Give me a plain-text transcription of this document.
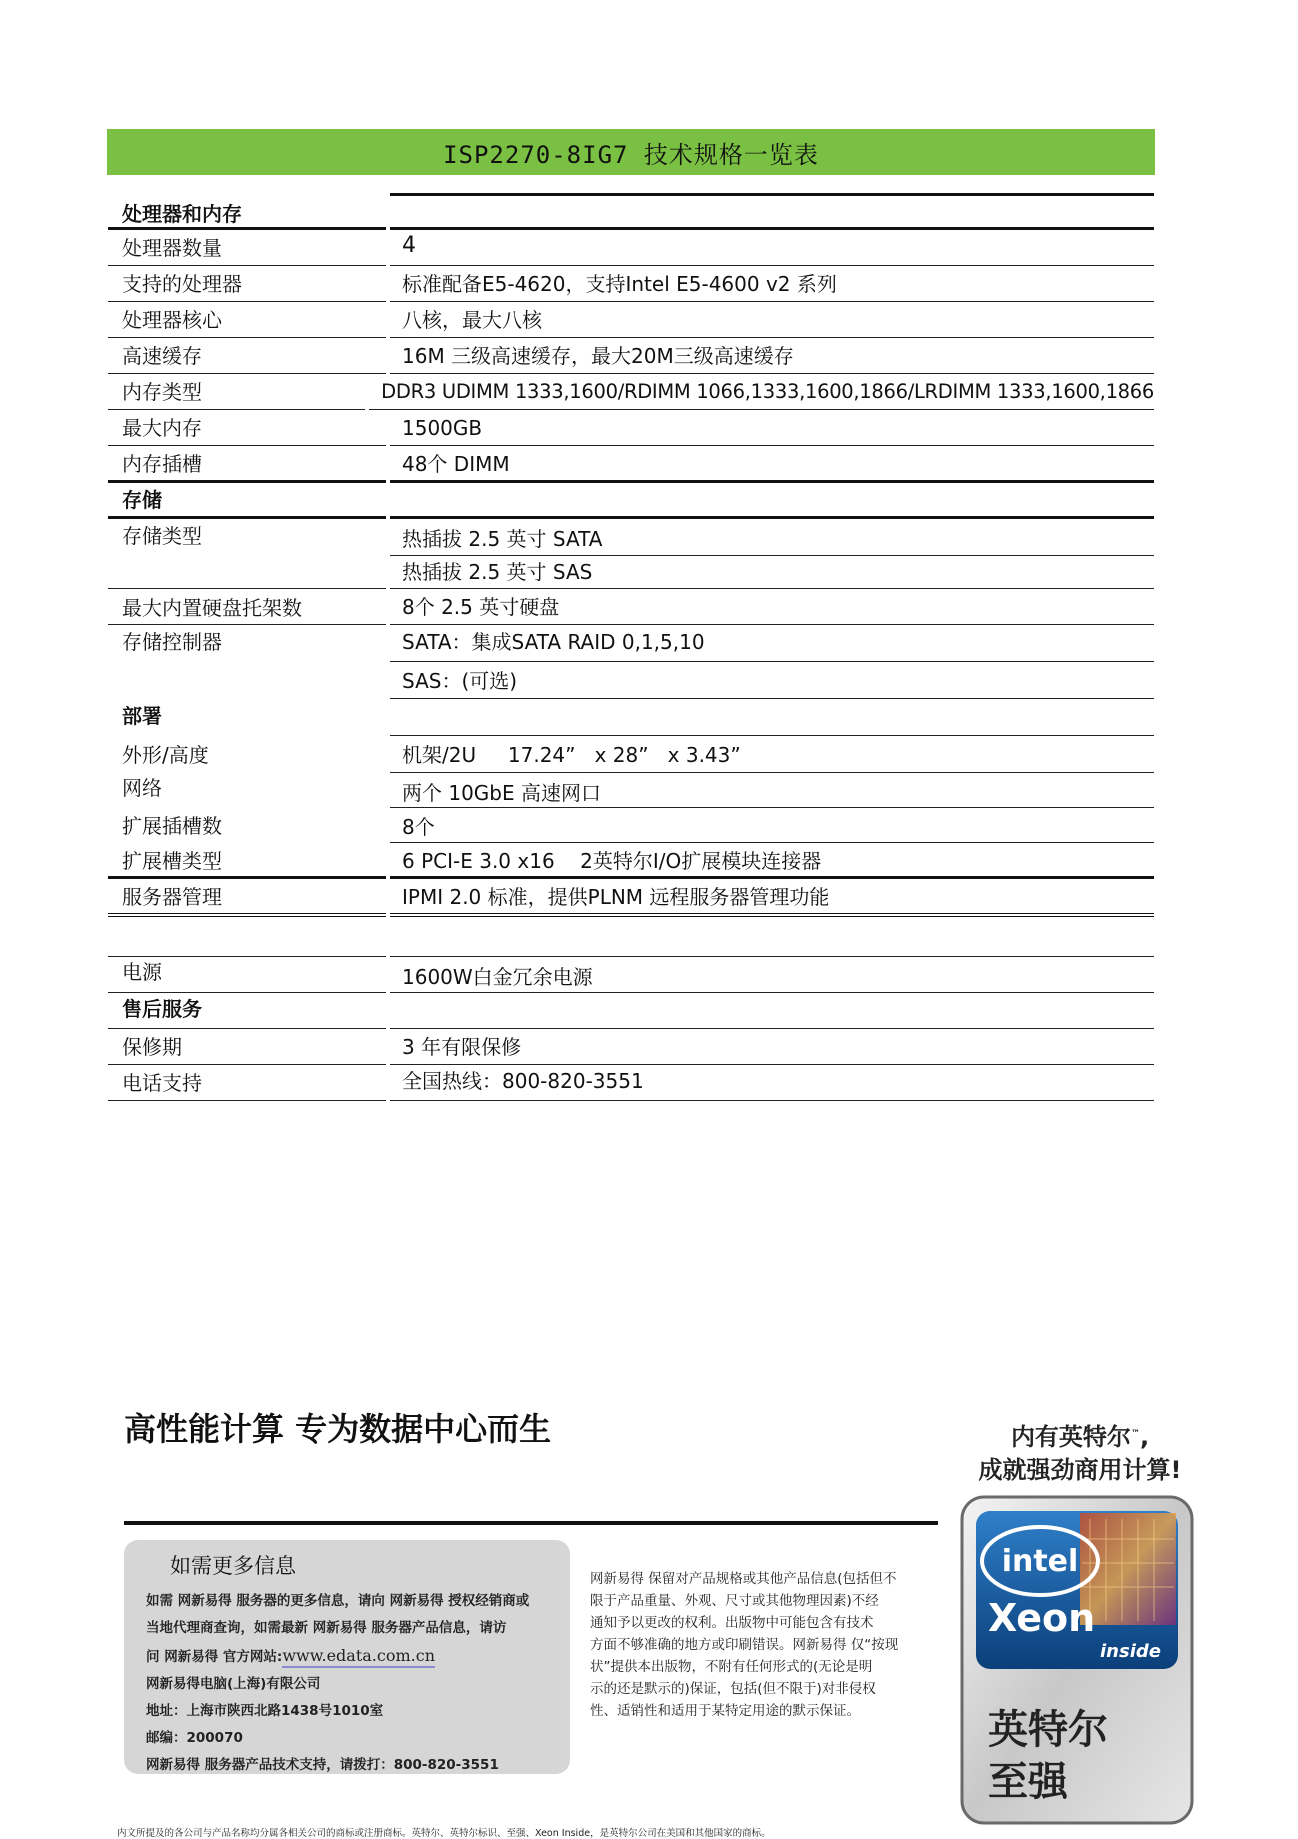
ISP2270-8IG7 技术规格一览表
处理器和内存
处理器数量	4
支持的处理器	标准配备E5-4620，支持Intel E5-4600 v2 系列
处理器核心	八核，最大八核
高速缓存	16M 三级高速缓存，最大20M三级高速缓存
内存类型	DDR3 UDIMM 1333,1600/RDIMM 1066,1333,1600,1866/LRDIMM 1333,1600,1866
最大内存	1500GB
内存插槽	48个 DIMM
存储
存储类型	热插拔 2.5 英寸 SATA
热插拔 2.5 英寸 SAS
最大内置硬盘托架数	8个 2.5 英寸硬盘
存储控制器	SATA：集成SATA RAID 0,1,5,10
SAS：(可选)
部署
外形/高度	机架/2U     17.24”   x 28”   x 3.43”
网络	两个 10GbE 高速网口
扩展插槽数	8个
扩展槽类型	6 PCI-E 3.0 x16    2英特尔I/O扩展模块连接器
服务器管理	IPMI 2.0 标准，提供PLNM 远程服务器管理功能
电源	1600W白金冗余电源
售后服务
保修期	3 年有限保修
电话支持	全国热线：800-820-3551
高性能计算 专为数据中心而生
如需更多信息
如需 网新易得 服务器的更多信息，请向 网新易得 授权经销商或
当地代理商查询，如需最新 网新易得 服务器产品信息，请访
问 网新易得 官方网站:www.edata.com.cn
网新易得电脑(上海)有限公司
地址：上海市陕西北路1438号1010室
邮编：200070
网新易得 服务器产品技术支持，请拨打：800-820-3551
网新易得 保留对产品规格或其他产品信息(包括但不
限于产品重量、外观、尺寸或其他物理因素)不经
通知予以更改的权利。出版物中可能包含有技术
方面不够准确的地方或印刷错误。网新易得 仅“按现
状”提供本出版物，不附有任何形式的(无论是明
示的还是默示的)保证，包括(但不限于)对非侵权
性、适销性和适用于某特定用途的默示保证。
内有英特尔™,
成就强劲商用计算!
intel
Xeon
inside
英特尔
至强
内文所提及的各公司与产品名称均分属各相关公司的商标或注册商标。英特尔、英特尔标识、至强、Xeon Inside，是英特尔公司在美国和其他国家的商标。
